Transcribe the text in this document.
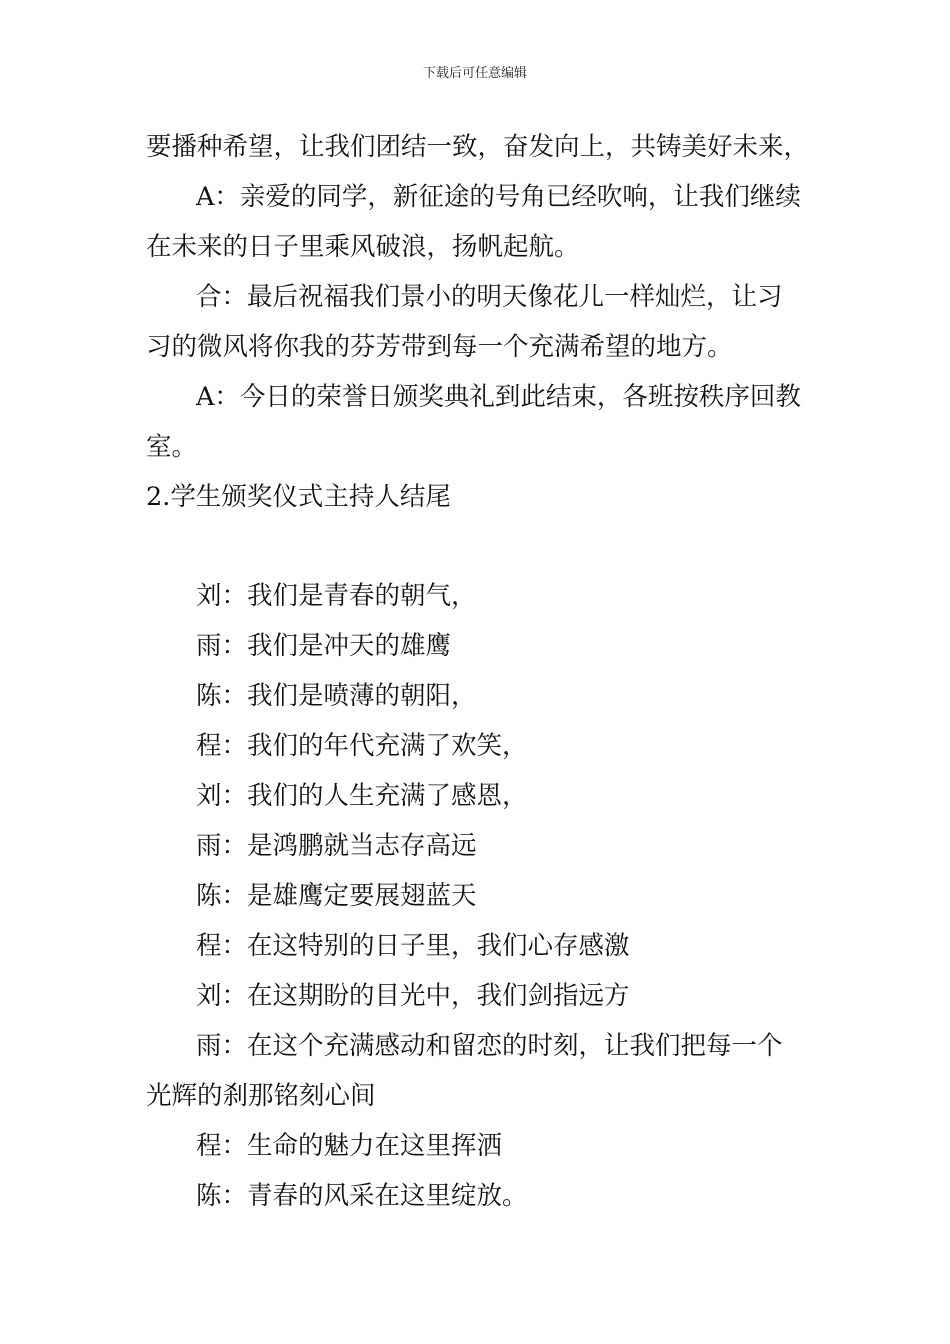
下载后可任意编辑
要播种希望，让我们团结一致，奋发向上，共铸美好未来，
A：亲爱的同学，新征途的号角已经吹响，让我们继续
在未来的日子里乘风破浪，扬帆起航。
合：最后祝福我们景小的明天像花儿一样灿烂，让习
习的微风将你我的芬芳带到每一个充满希望的地方。
A：今日的荣誉日颁奖典礼到此结束，各班按秩序回教
室。
2.学生颁奖仪式主持人结尾
刘：我们是青春的朝气，
雨：我们是冲天的雄鹰
陈：我们是喷薄的朝阳，
程：我们的年代充满了欢笑，
刘：我们的人生充满了感恩，
雨：是鸿鹏就当志存高远
陈：是雄鹰定要展翅蓝天
程：在这特别的日子里，我们心存感激
刘：在这期盼的目光中，我们剑指远方
雨：在这个充满感动和留恋的时刻，让我们把每一个
光辉的刹那铭刻心间
程：生命的魅力在这里挥洒
陈：青春的风采在这里绽放。
